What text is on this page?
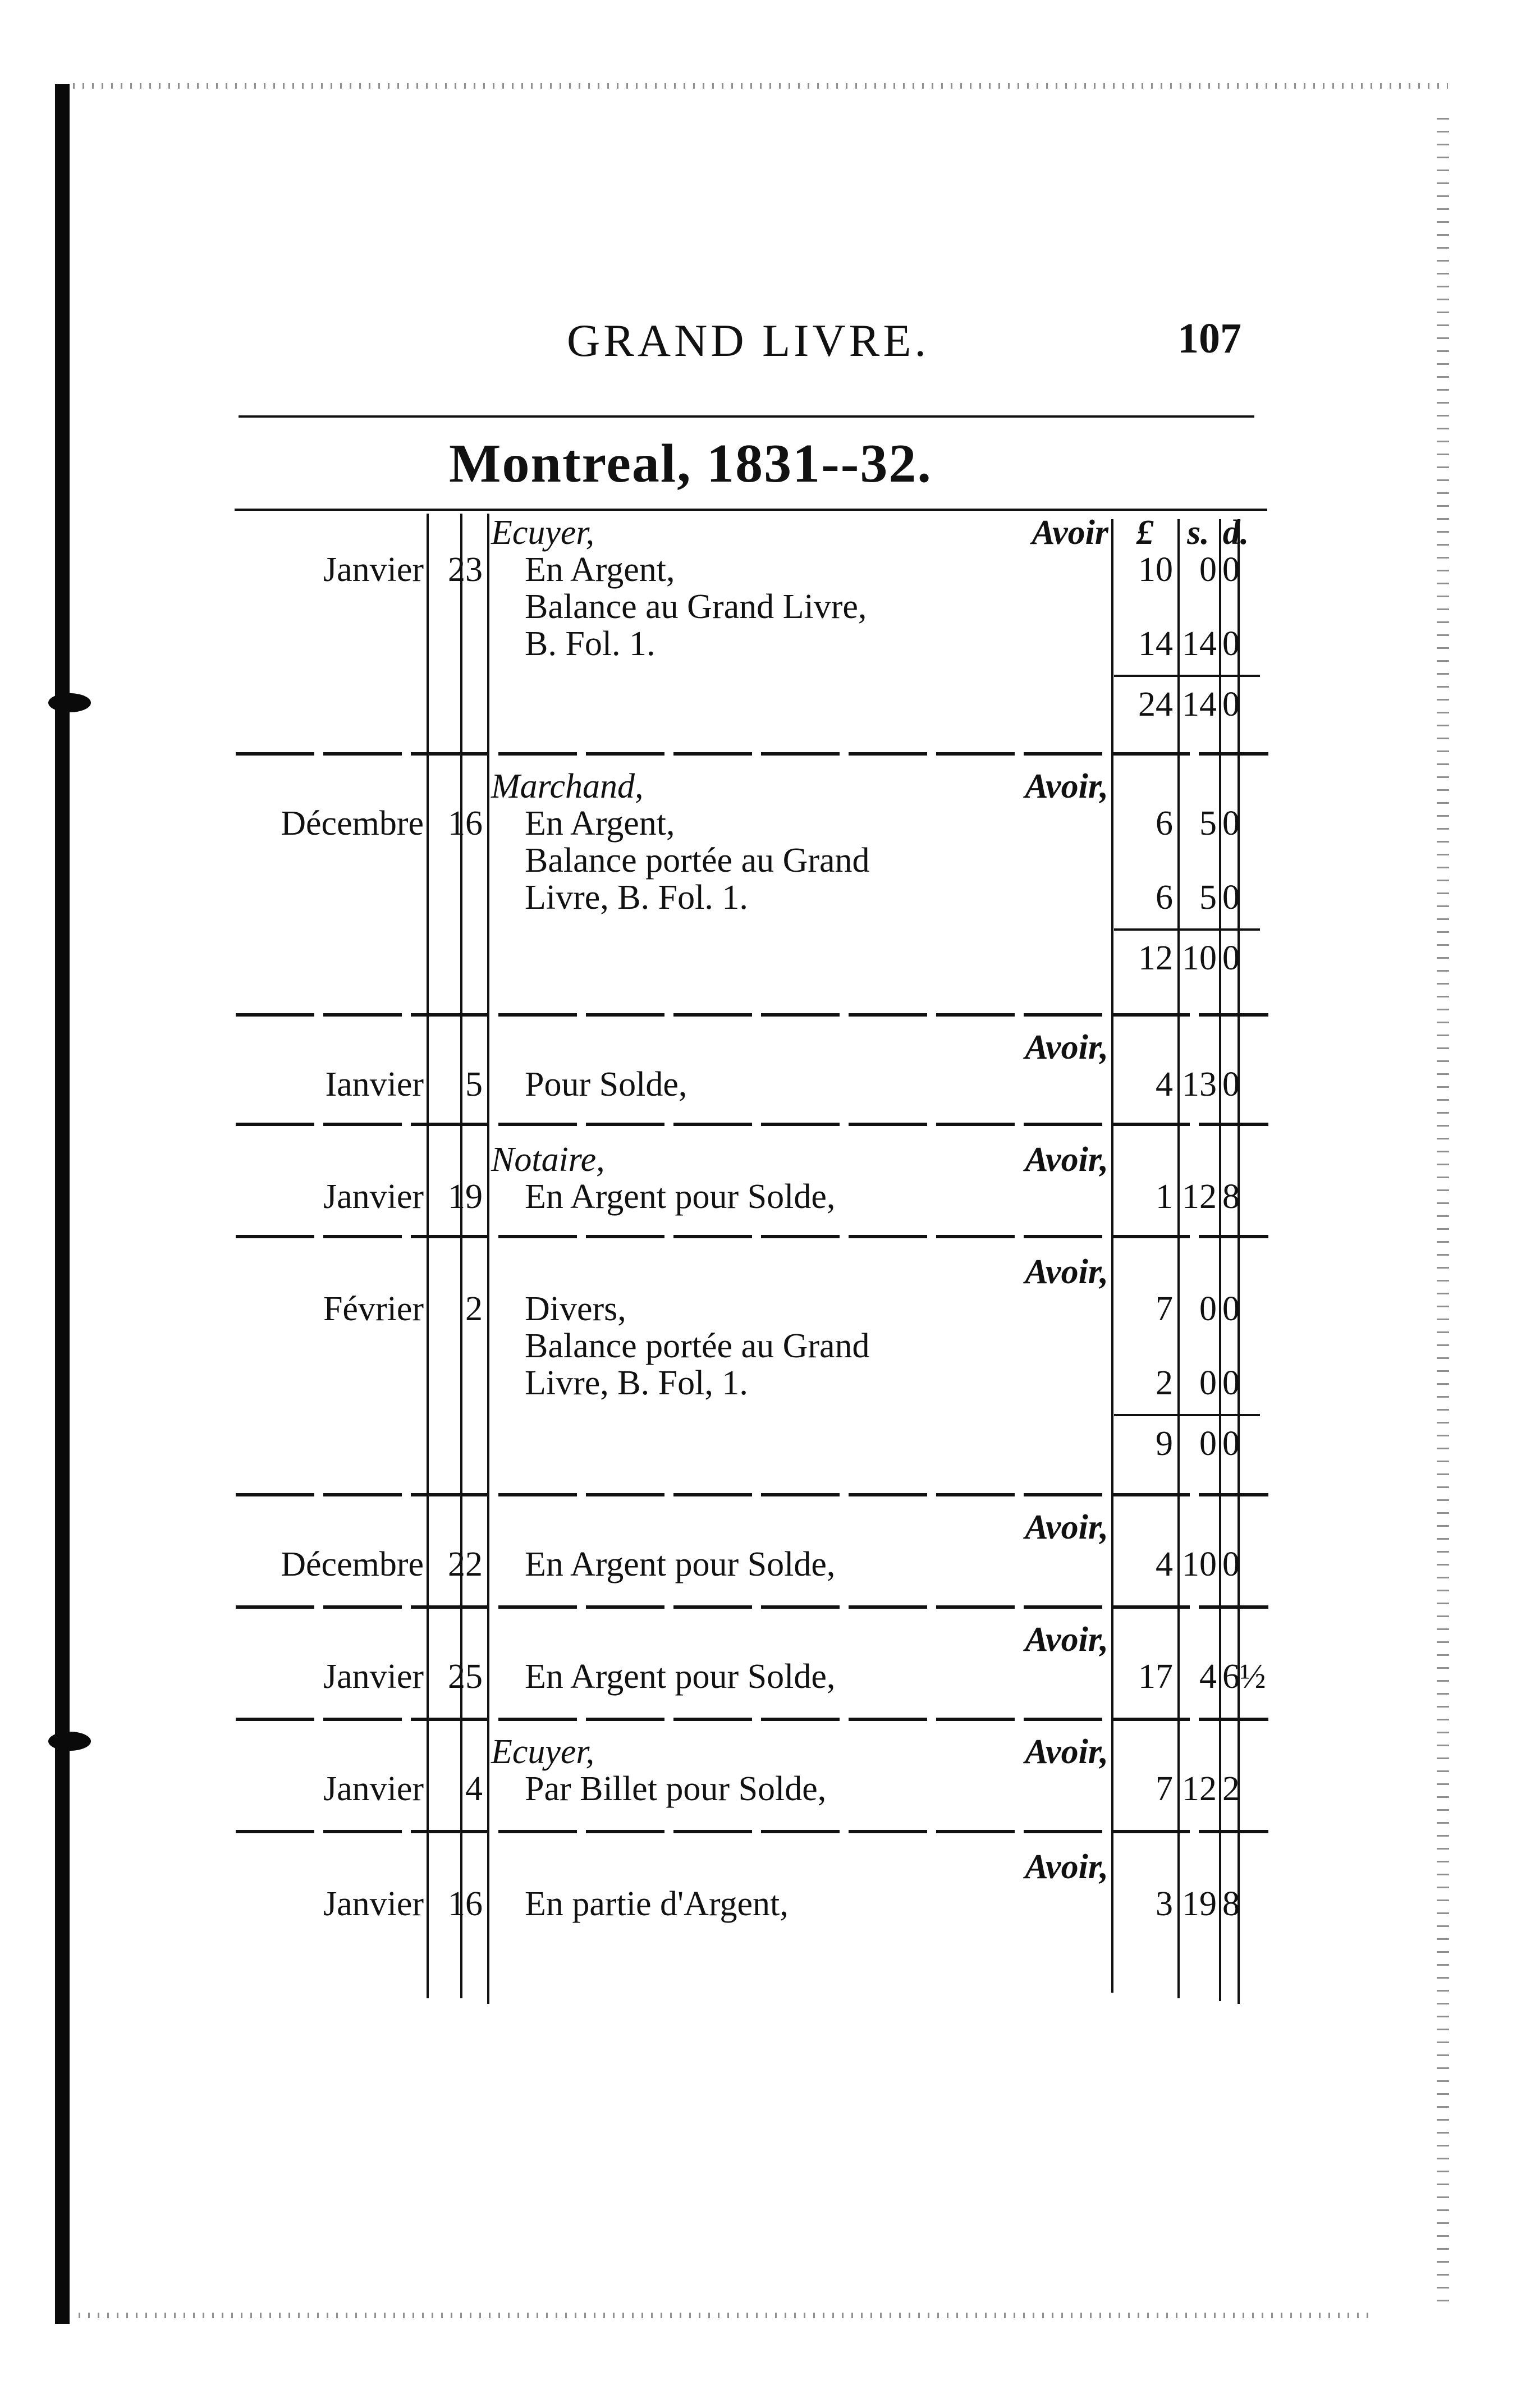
GRAND LIVRE.	107
Montreal, 1831--32.
£ s. d.
Ecuyer,	Avoir
Janvier 23 En Argent,	10 0 0
Balance au Grand Livre,
B. Fol. 1.	14 14 0
24 14 0
Marchand,	Avoir,
Décembre 16 En Argent,	6 5 0
Balance portée au Grand
Livre, B. Fol. 1.	6 5 0
12 10 0
Avoir,
Ianvier	5 Pour Solde,	4 13 0
Notaire,	Avoir,
Janvier 19 En Argent pour Solde,	1 12 8
Avoir,
Février	2 Divers,	7 0 0
Balance portée au Grand
Livre, B. Fol, 1.	2 0 0
9 0 0
Avoir,
Décembre 22 En Argent pour Solde,	4 10 0
Avoir,
Janvier 25 En Argent pour Solde,	17 4 6½
Ecuyer,	Avoir,
Janvier	4 Par Billet pour Solde,	7 12 2
Avoir,
Janvier 16 En partie d'Argent,	3 19 8
